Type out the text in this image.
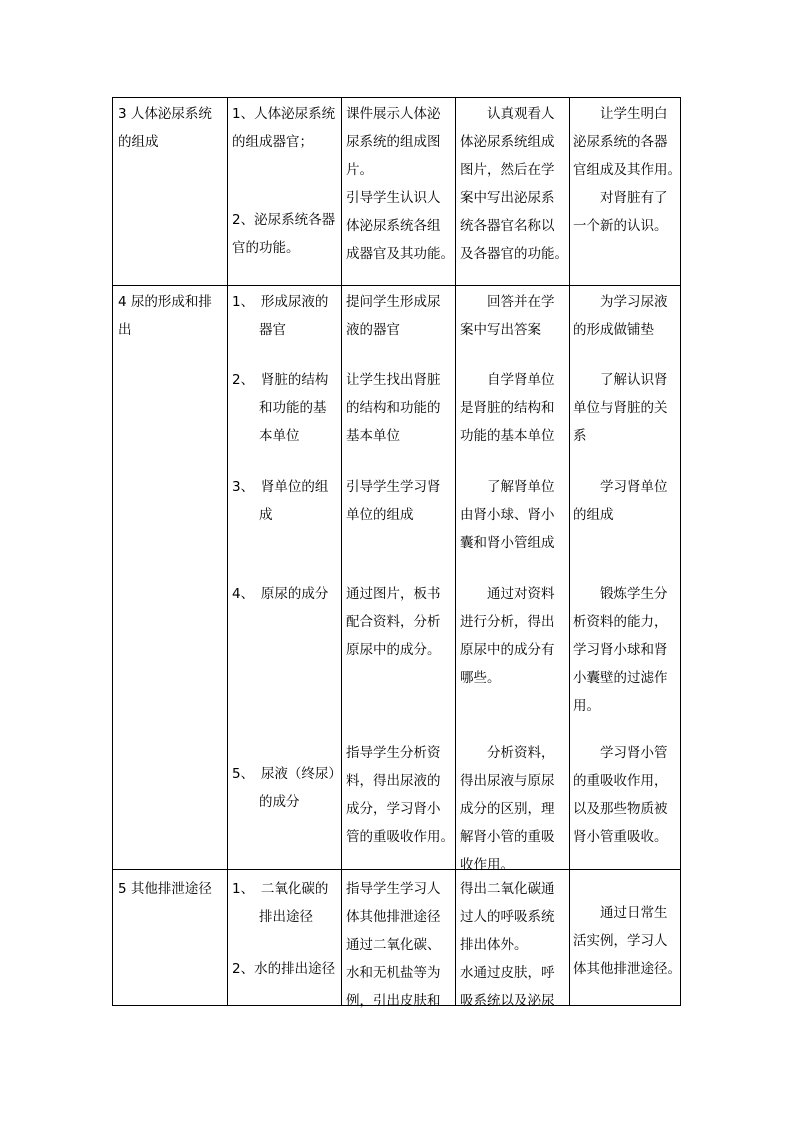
3 人体泌尿系统

的组成

1、人体泌尿系统

的组成器官；

2、泌尿系统各器

官的功能。

课件展示人体泌

尿系统的组成图

片。

引导学生认识人

体泌尿系统各组

成器官及其功能。

　　认真观看人

体泌尿系统组成

图片，然后在学

案中写出泌尿系

统各器官名称以

及各器官的功能。

　　让学生明白

泌尿系统的各器

官组成及其作用。

　　对肾脏有了

一个新的认识。

4 尿的形成和排

出

1、　形成尿液的

　　器官

2、　肾脏的结构

　　和功能的基

　　本单位

3、　肾单位的组

　　成

4、　原尿的成分

5、　尿液（终尿）

　　的成分

提问学生形成尿

液的器官

让学生找出肾脏

的结构和功能的

基本单位

引导学生学习肾

单位的组成

通过图片，板书

配合资料，分析

原尿中的成分。

指导学生分析资

料，得出尿液的

成分，学习肾小

管的重吸收作用。

　　回答并在学

案中写出答案

　　自学肾单位

是肾脏的结构和

功能的基本单位

　　了解肾单位

由肾小球、肾小

囊和肾小管组成

　　通过对资料

进行分析，得出

原尿中的成分有

哪些。

　　分析资料，

得出尿液与原尿

成分的区别，理

解肾小管的重吸

收作用。

　　为学习尿液

的形成做铺垫

　　了解认识肾

单位与肾脏的关

系

　　学习肾单位

的组成

　　锻炼学生分

析资料的能力，

学习肾小球和肾

小囊壁的过滤作

用。

　　学习肾小管

的重吸收作用，

以及那些物质被

肾小管重吸收。

5 其他排泄途径 1、　二氧化碳的

　　排出途径

2、水的排出途径

指导学生学习人

体其他排泄途径

通过二氧化碳、

水和无机盐等为

例，引出皮肤和

得出二氧化碳通

过人的呼吸系统

排出体外。

水通过皮肤，呼

吸系统以及泌尿

　　通过日常生

活实例，学习人

体其他排泄途径。
